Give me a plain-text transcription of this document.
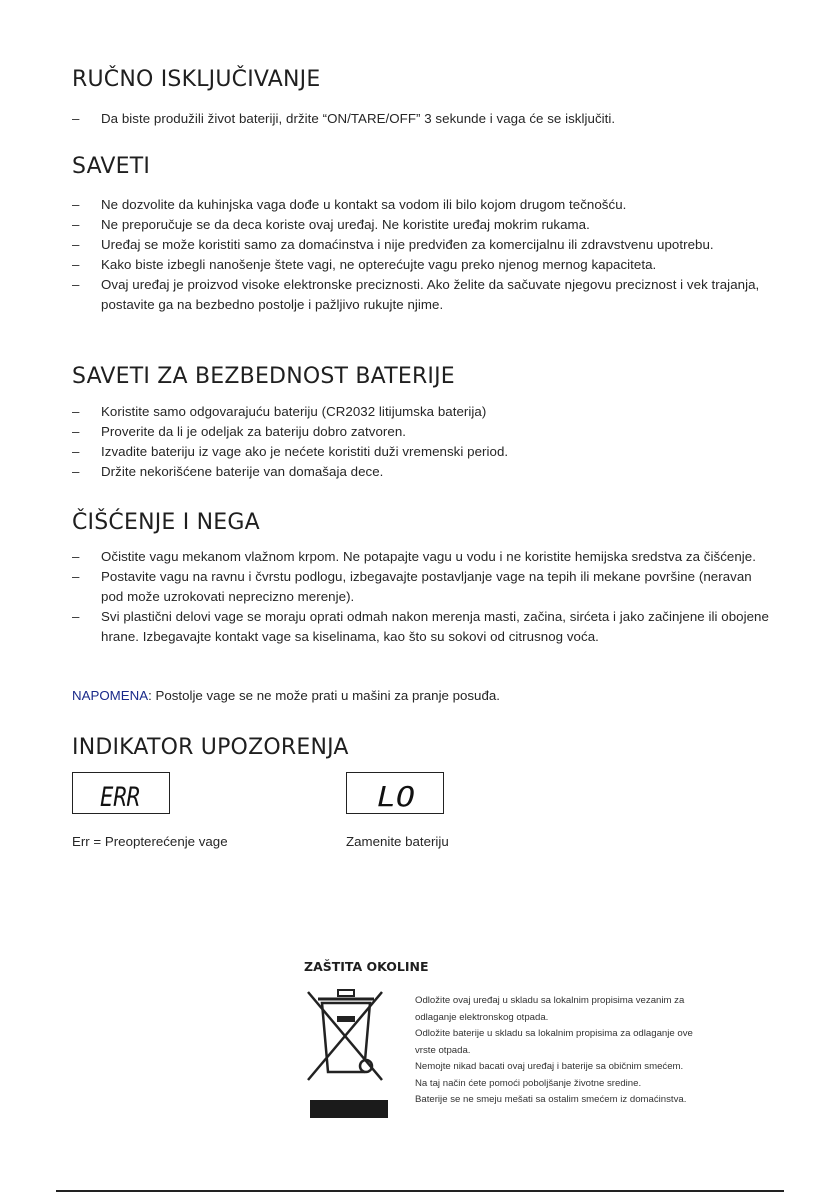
RUČNO ISKLJUČIVANJE
– Da biste produžili život bateriji, držite “ON/TARE/OFF” 3 sekunde i vaga će se isključiti.
SAVETI
– Ne dozvolite da kuhinjska vaga dođe u kontakt sa vodom ili bilo kojom drugom tečnošću.
– Ne preporučuje se da deca koriste ovaj uređaj. Ne koristite uređaj mokrim rukama.
– Uređaj se može koristiti samo za domaćinstva i nije predviđen za komercijalnu ili zdravstvenu upotrebu.
– Kako biste izbegli nanošenje štete vagi, ne opterećujte vagu preko njenog mernog kapaciteta.
– Ovaj uređaj je proizvod visoke elektronske preciznosti. Ako želite da sačuvate njegovu preciznost i vek trajanja, postavite ga na bezbedno postolje i pažljivo rukujte njime.
SAVETI ZA BEZBEDNOST BATERIJE
– Koristite samo odgovarajuću bateriju (CR2032 litijumska baterija)
– Proverite da li je odeljak za bateriju dobro zatvoren.
– Izvadite bateriju iz vage ako je nećete koristiti duži vremenski period.
– Držite nekorišćene baterije van domašaja dece.
ČIŠĆENJE I NEGA
– Očistite vagu mekanom vlažnom krpom. Ne potapajte vagu u vodu i ne koristite hemijska sredstva za čišćenje.
– Postavite vagu na ravnu i čvrstu podlogu, izbegavajte postavljanje vage na tepih ili mekane površine (neravan pod može uzrokovati neprecizno merenje).
– Svi plastični delovi vage se moraju oprati odmah nakon merenja masti, začina, sirćeta i jako začinjene ili obojene hrane. Izbegavajte kontakt vage sa kiselinama, kao što su sokovi od citrusnog voća.
NAPOMENA: Postolje vage se ne može prati u mašini za pranje posuđa.
INDIKATOR UPOZORENJA
ERR
Err = Preopterećenje vage
LO
Zamenite bateriju
ZAŠTITA OKOLINE
Odložite ovaj uređaj u skladu sa lokalnim propisima vezanim za
odlaganje elektronskog otpada.
Odložite baterije u skladu sa lokalnim propisima za odlaganje ove
vrste otpada.
Nemojte nikad bacati ovaj uređaj i baterije sa običnim smećem.
Na taj način ćete pomoći poboljšanje životne sredine.
Baterije se ne smeju mešati sa ostalim smećem iz domaćinstva.
